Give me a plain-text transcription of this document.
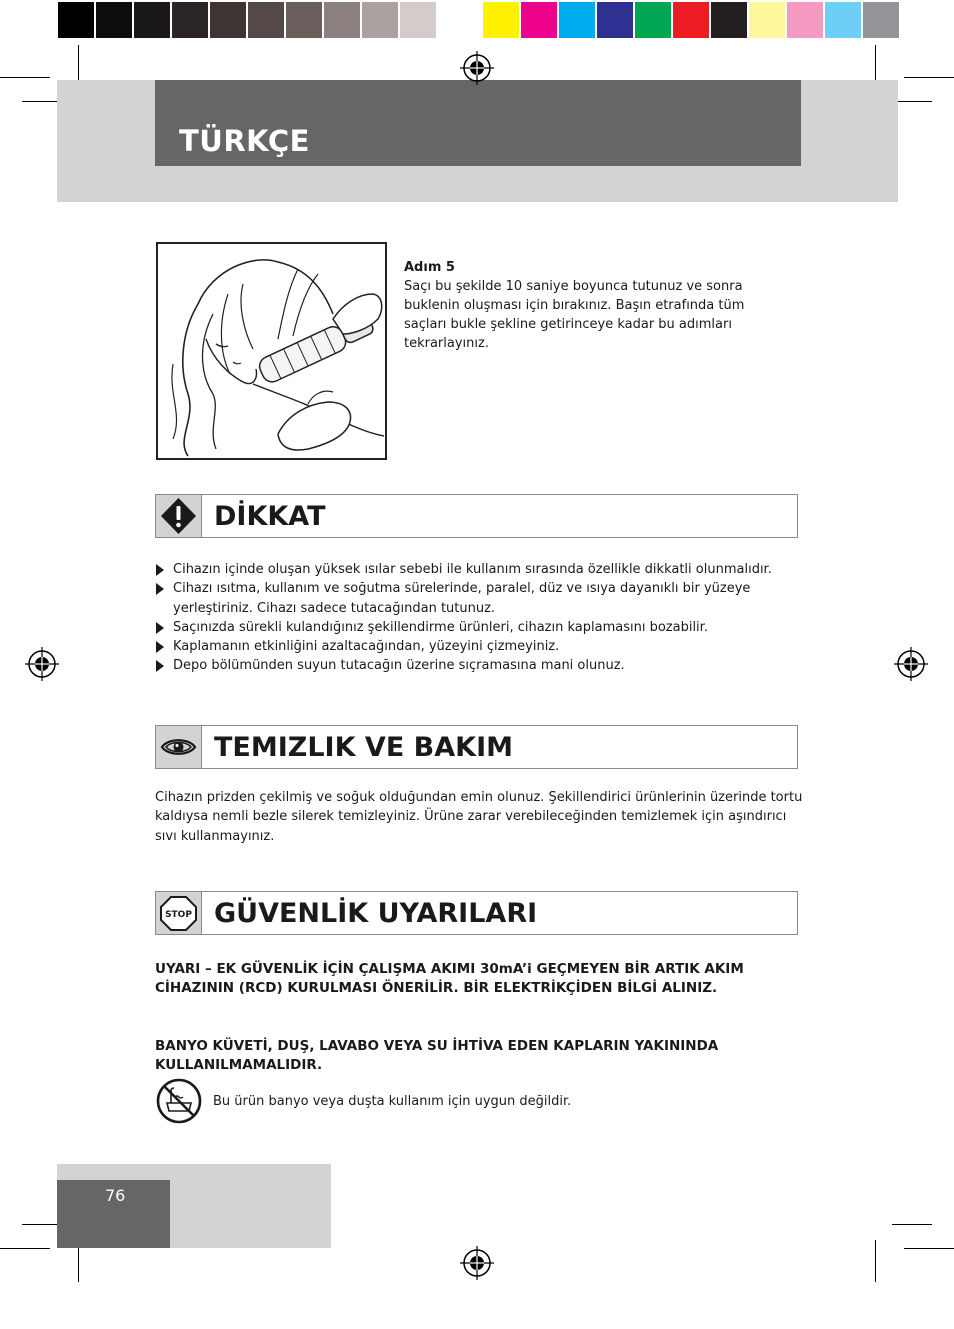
TÜRKÇE
Adım 5
Saçı bu şekilde 10 saniye boyunca tutunuz ve sonra buklenin oluşması için bırakınız. Başın etrafında tüm saçları bukle şekline getirinceye kadar bu adımları tekrarlayınız.
DİKKAT
Cihazın içinde oluşan yüksek ısılar sebebi ile kullanım sırasında özellikle dikkatli olunmalıdır.
Cihazı ısıtma, kullanım ve soğutma sürelerinde, paralel, düz ve ısıya dayanıklı bir yüzeye yerleştiriniz. Cihazı sadece tutacağından tutunuz.
Saçınızda sürekli kulandığınız şekillendirme ürünleri, cihazın kaplamasını bozabilir.
Kaplamanın etkinliğini azaltacağından, yüzeyini çizmeyiniz.
Depo bölümünden suyun tutacağın üzerine sıçramasına mani olunuz.
TEMIZLIK VE BAKIM
Cihazın prizden çekilmiş ve soğuk olduğundan emin olunuz. Şekillendirici ürünlerinin üzerinde tortu kaldıysa nemli bezle silerek temizleyiniz. Ürüne zarar verebileceğinden temizlemek için aşındırıcı sıvı kullanmayınız.
STOP GÜVENLİK UYARILARI
UYARI – EK GÜVENLİK İÇİN ÇALIŞMA AKIMI 30mA’i GEÇMEYEN BİR ARTIK AKIM CİHAZININ (RCD) KURULMASI ÖNERİLİR. BİR ELEKTRİKÇİDEN BİLGİ ALINIZ.
BANYO KÜVETİ, DUŞ, LAVABO VEYA SU İHTİVA EDEN KAPLARIN YAKININDA KULLANILMAMALIDIR.
Bu ürün banyo veya duşta kullanım için uygun değildir.
76
